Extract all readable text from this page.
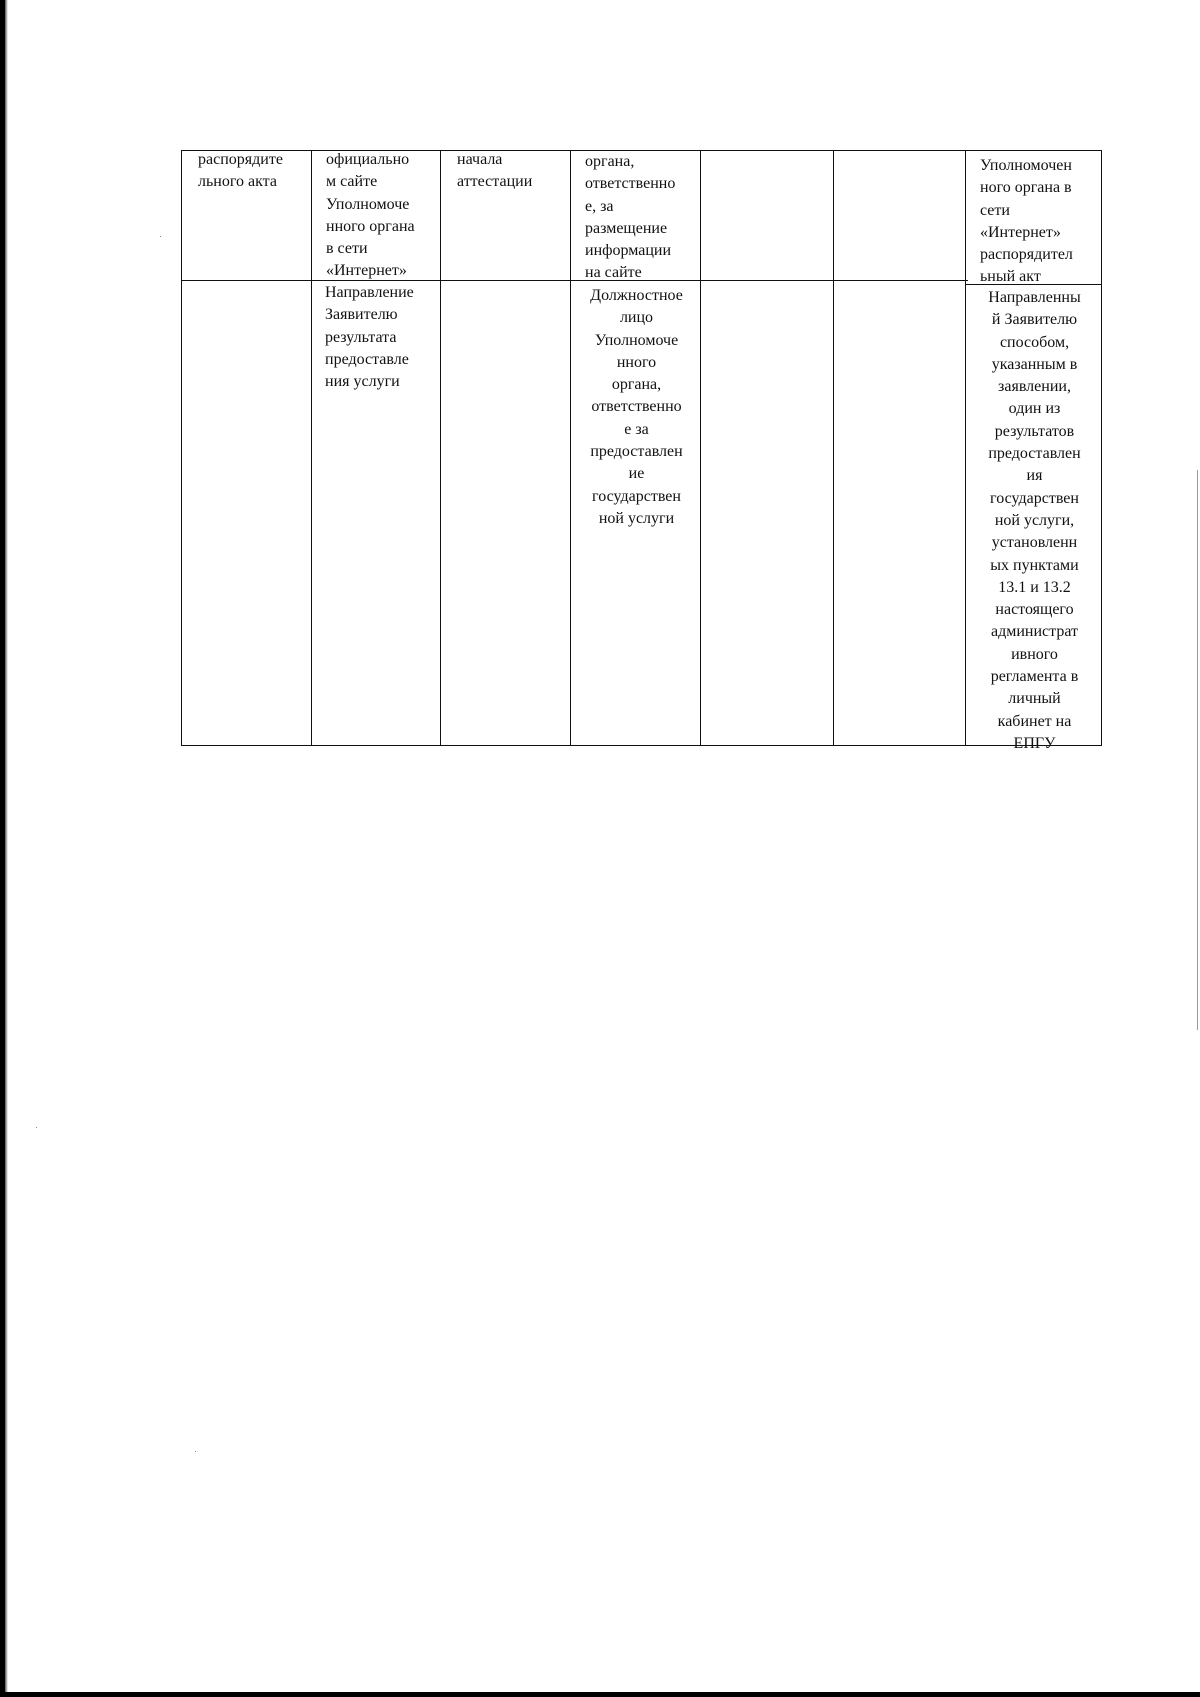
распорядите
льного акта
официально
м сайте
Уполномоче
нного органа
в сети
«Интернет»
начала
аттестации
органа,
ответственно
е, за
размещение
информации
на сайте
Уполномочен
ного органа в
сети
«Интернет»
распорядител
ьный акт
Направление
Заявителю
результата
предоставле
ния услуги
Должностное
лицо
Уполномоче
нного
органа,
ответственно
е за
предоставлен
ие
государствен
ной услуги
Направленны
й Заявителю
способом,
указанным в
заявлении,
один из
результатов
предоставлен
ия
государствен
ной услуги,
установленн
ых пунктами
13.1 и 13.2
настоящего
администрат
ивного
регламента в
личный
кабинет на
ЕПГУ
